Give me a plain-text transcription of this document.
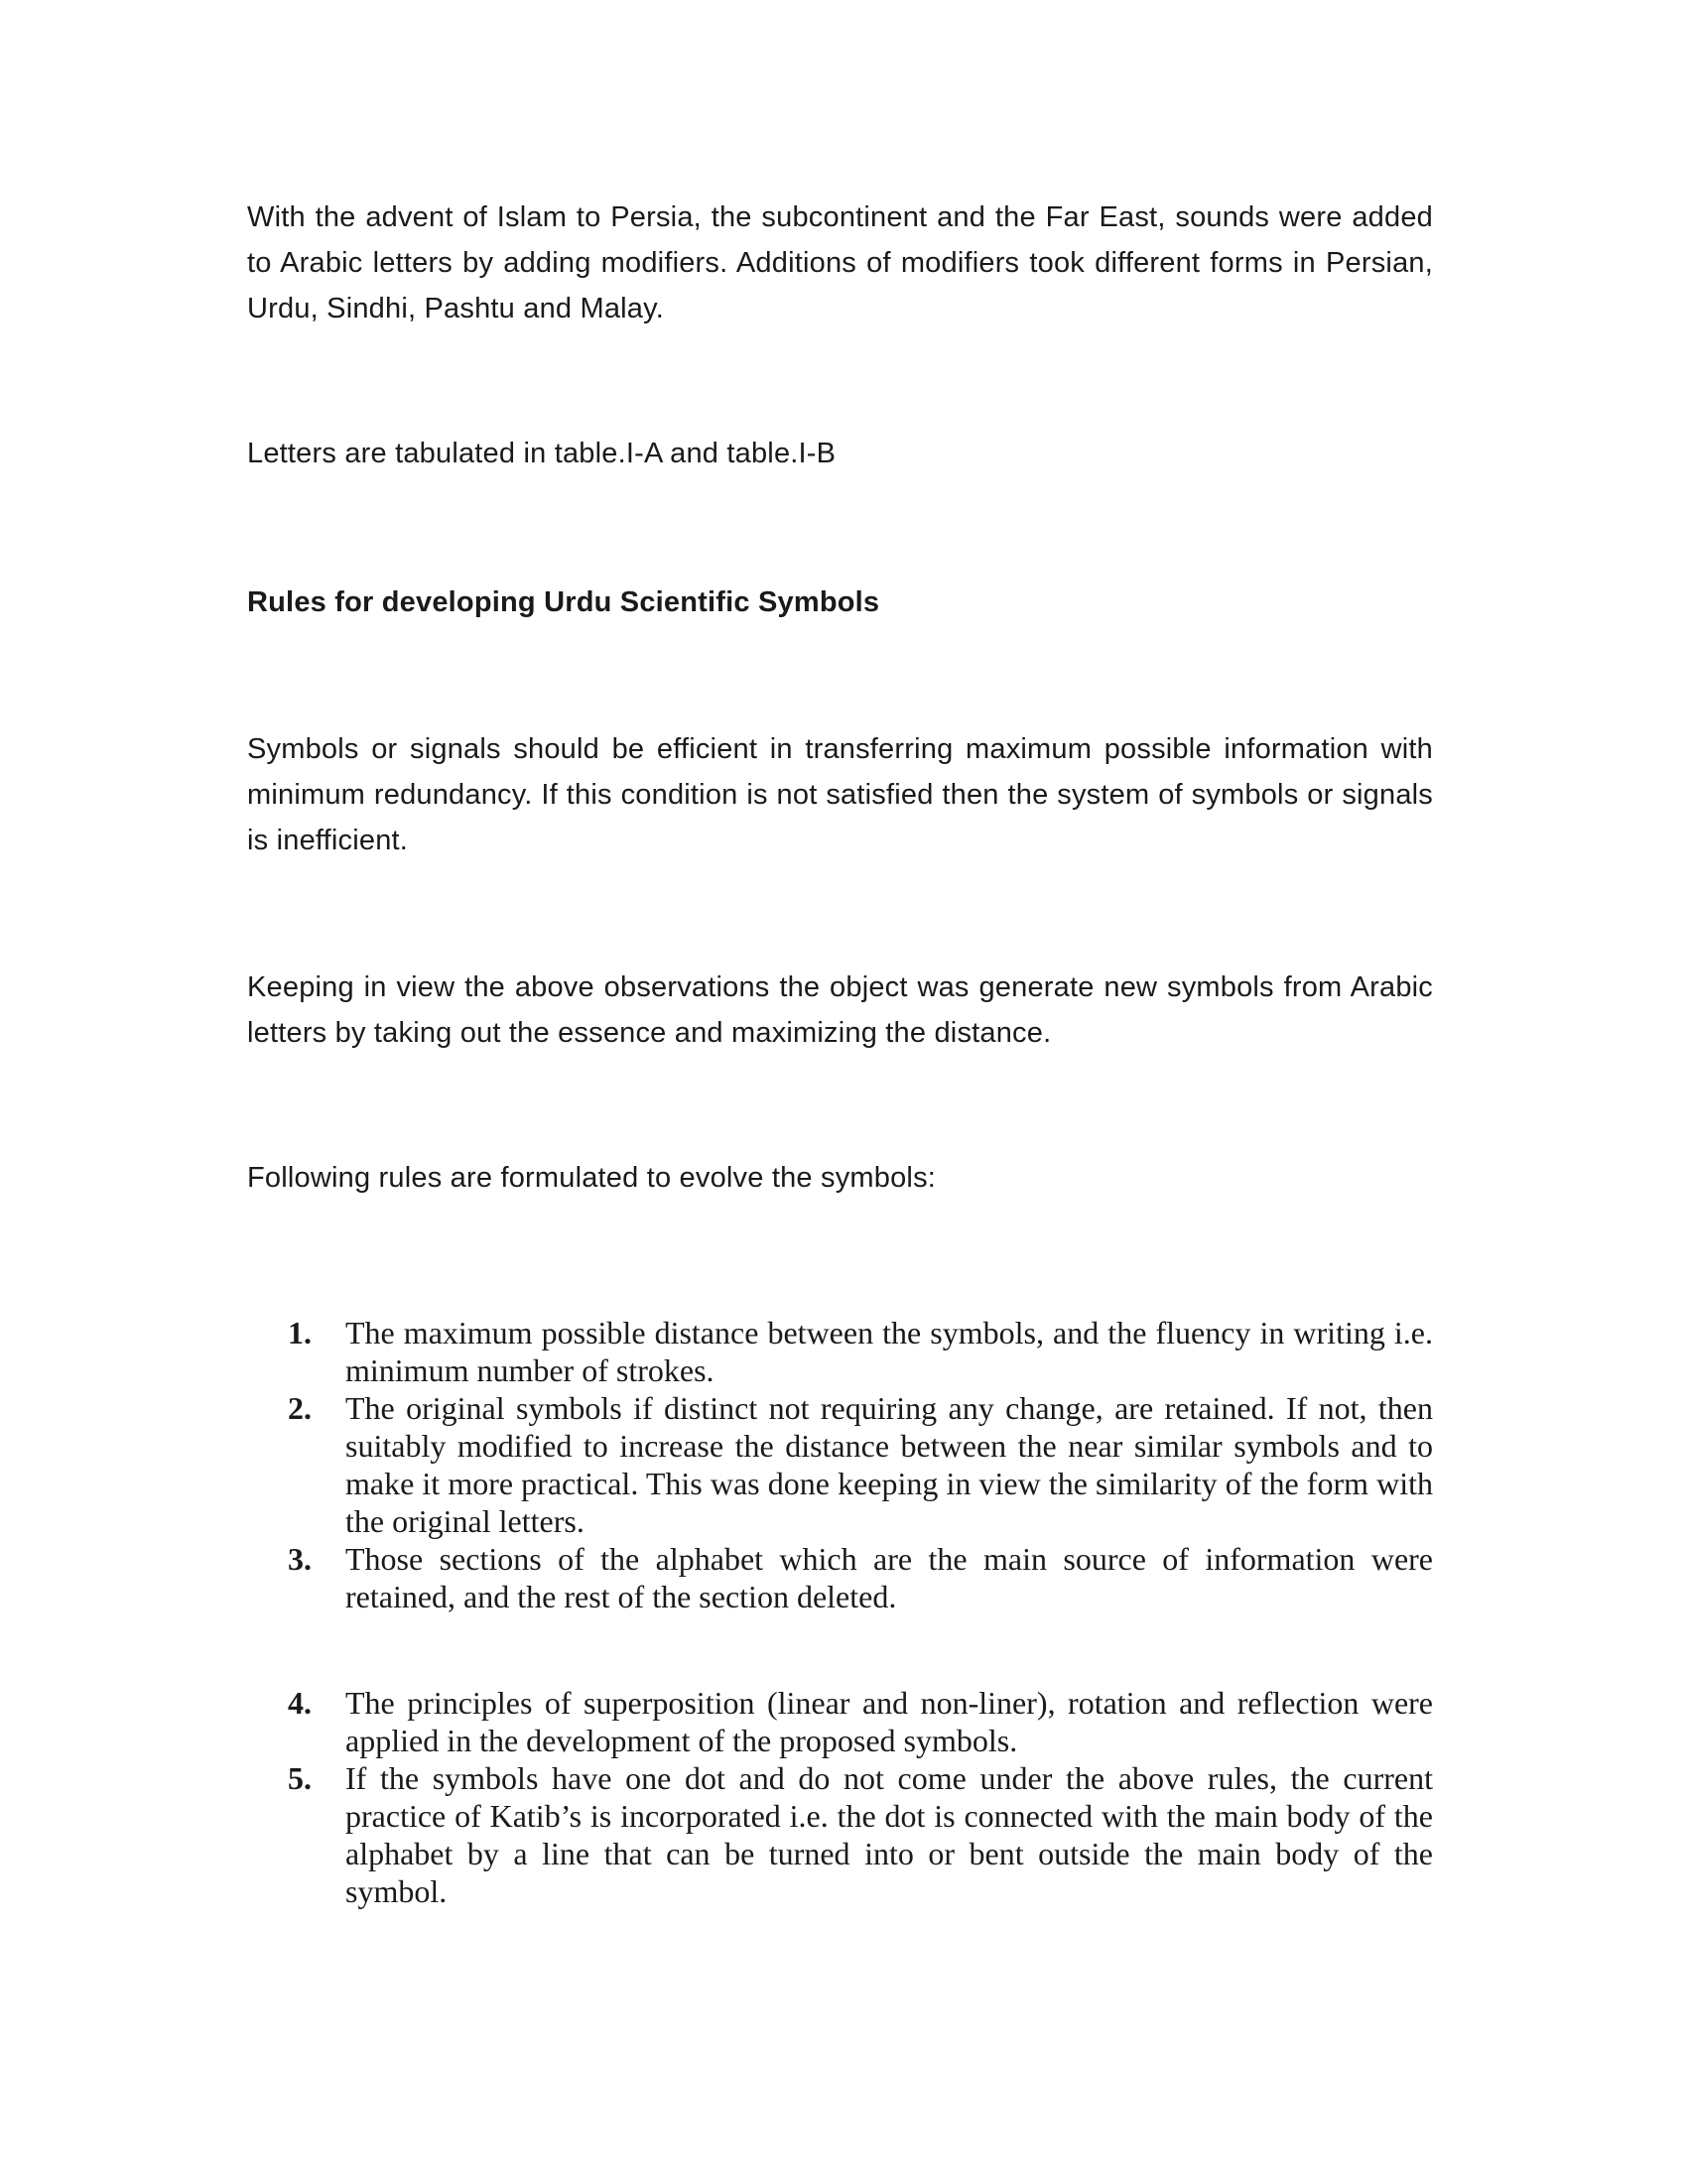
With the advent of Islam to Persia, the subcontinent and the Far East, sounds were added to Arabic letters by adding modifiers. Additions of modifiers took different forms in Persian, Urdu, Sindhi, Pashtu and Malay.

Letters are tabulated in table.I-A and table.I-B

Rules for developing Urdu Scientific Symbols

Symbols or signals should be efficient in transferring maximum possible information with minimum redundancy. If this condition is not satisfied then the system of symbols or signals is inefficient.

Keeping in view the above observations the object was generate new symbols from Arabic letters by taking out the essence and maximizing the distance.

Following rules are formulated to evolve the symbols:

1.	The maximum possible distance between the symbols, and the fluency in writing i.e. minimum number of strokes.
2.	The original symbols if distinct not requiring any change, are retained. If not, then suitably modified to increase the distance between the near similar symbols and to make it more practical. This was done keeping in view the similarity of the form with the original letters.
3.	Those sections of the alphabet which are the main source of information were retained, and the rest of the section deleted.
4.	The principles of superposition (linear and non-liner), rotation and reflection were applied in the development of the proposed symbols.
5.	If the symbols have one dot and do not come under the above rules, the current practice of Katib’s is incorporated i.e. the dot is connected with the main body of the alphabet by a line that can be turned into or bent outside the main body of the symbol.
